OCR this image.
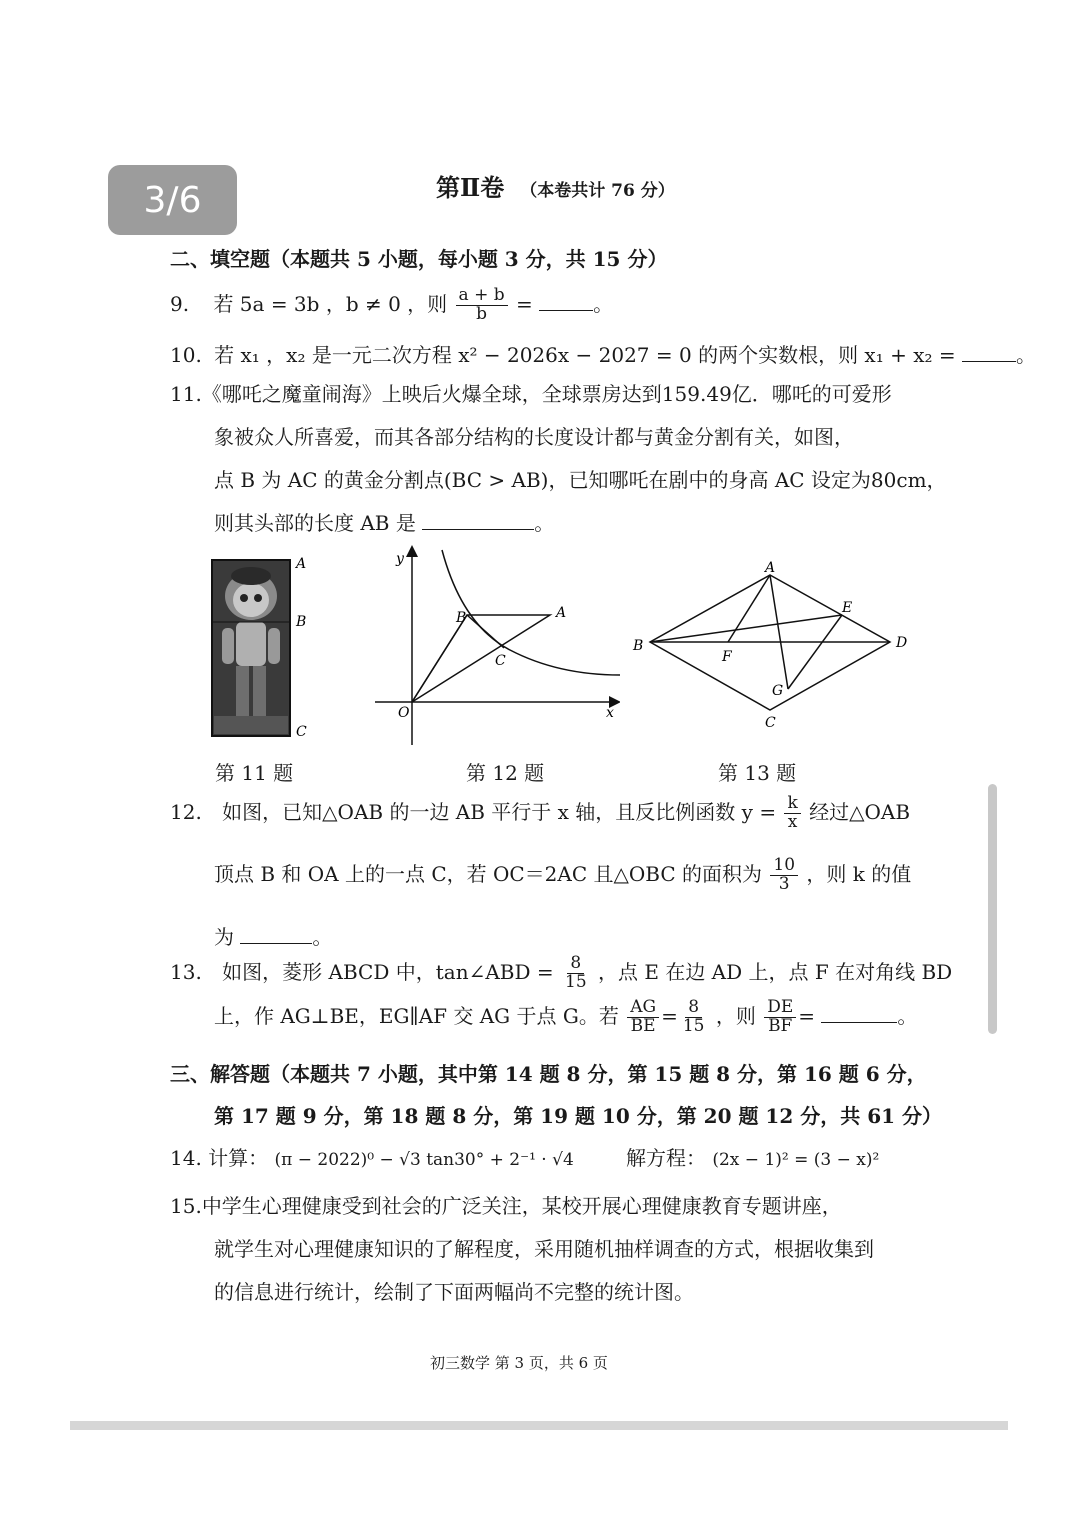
3/6	第Ⅱ卷 （本卷共计 76 分）
二、填空题（本题共 5 小题，每小题 3 分，共 15 分）
9. 若 5a = 3b ，b ≠ 0 ，则 $\frac{a + b}{b}$ =	。
10. 若 x₁ ，x₂ 是一元二次方程 x² − 2026x − 2027 = 0 的两个实数根，则 x₁ + x₂ =	。
11.《哪吒之魔童闹海》上映后火爆全球，全球票房达到159.49亿．哪吒的可爱形
象被众人所喜爱，而其各部分结构的长度设计都与黄金分割有关，如图，
点 B 为 AC 的黄金分割点(BC > AB)，已知哪吒在剧中的身高 AC 设定为80cm，
则其头部的长度 AB 是	。
A
B
C
第 11 题
y
x
O
A
B
C
第 12 题
A
B
C
D
E
F
G
第 13 题
12. 如图，已知△OAB 的一边 AB 平行于 x 轴，且反比例函数 $y = \frac{k}{x}$ 经过△OAB
顶点 B 和 OA 上的一点 C，若 OC＝2AC 且△OBC 的面积为 $\frac{10}{3}$ ，则 k 的值
为	。
13. 如图，菱形 ABCD 中，tan∠ABD = $\frac{8}{15}$ ，点 E 在边 AD 上，点 F 在对角线 BD
上，作 AG⊥BE，EG∥AF 交 AG 于点 G。若 $\frac{AG}{BE} = \frac{8}{15}$ ，则 $\frac{DE}{BF}$ =	。
三、解答题（本题共 7 小题，其中第 14 题 8 分，第 15 题 8 分，第 16 题 6 分，
第 17 题 9 分，第 18 题 8 分，第 19 题 10 分，第 20 题 12 分，共 61 分）
14. 计算： (π − 2022)⁰ − √3 tan30° + 2⁻¹ · √4	解方程： (2x − 1)² = (3 − x)²
15.中学生心理健康受到社会的广泛关注，某校开展心理健康教育专题讲座，
就学生对心理健康知识的了解程度，采用随机抽样调查的方式，根据收集到
的信息进行统计，绘制了下面两幅尚不完整的统计图。
初三数学 第 3 页，共 6 页
